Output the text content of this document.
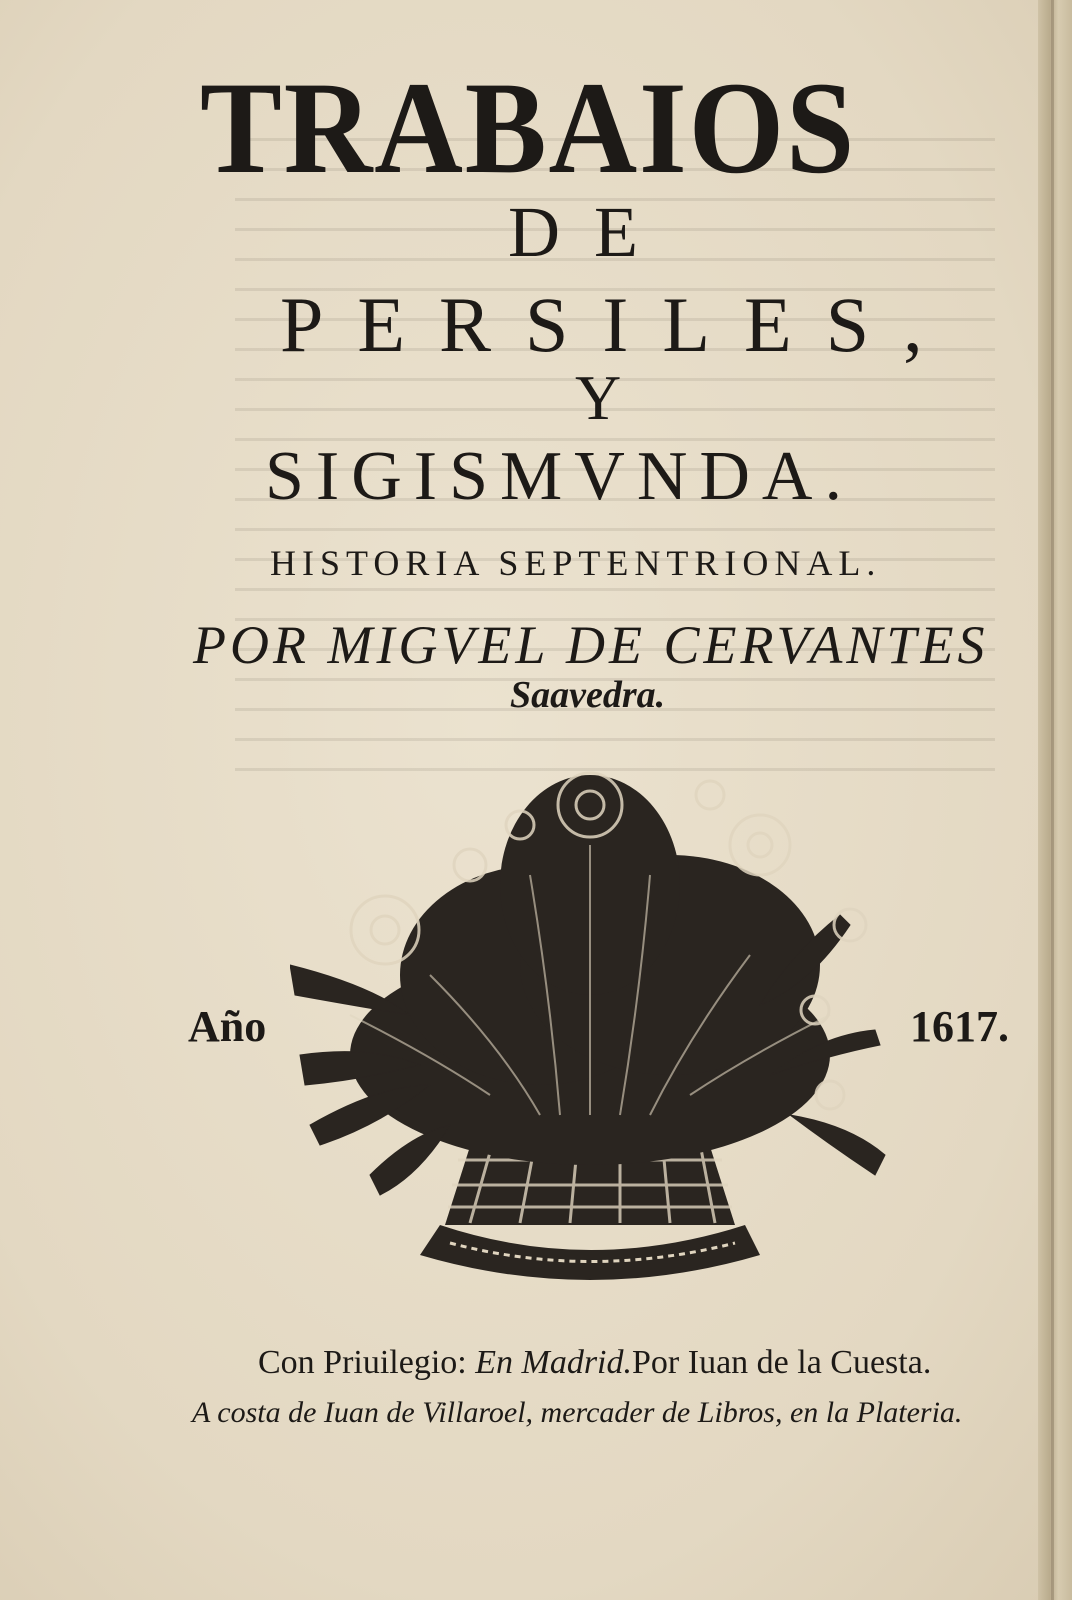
TRABAIOS
DE
PERSILES,
Y
SIGISMVNDA.
HISTORIA SEPTENTRIONAL.
POR MIGVEL DE CERVANTES
Saavedra.
Año	1617.
Con Priuilegio: En Madrid.Por Iuan de la Cuesta.
A costa de Iuan de Villaroel, mercader de Libros, en la Plateria.
